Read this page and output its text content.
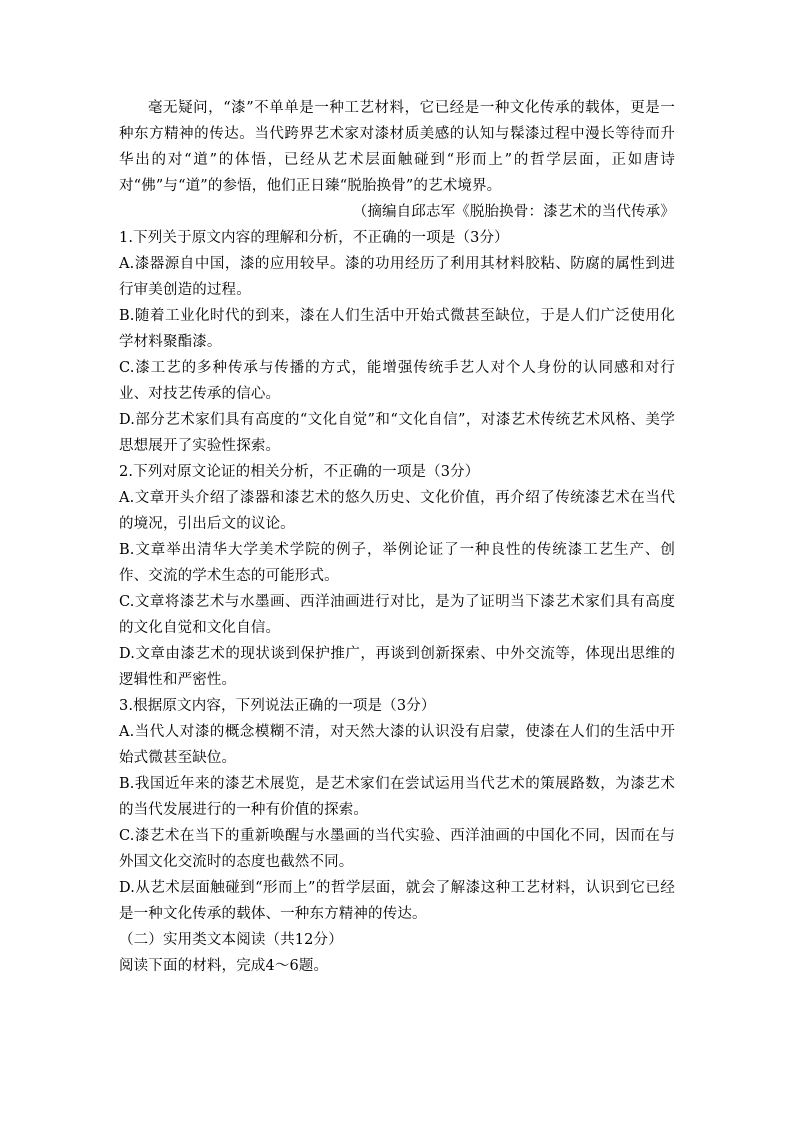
毫无疑问，“漆”不单单是一种工艺材料，它已经是一种文化传承的载体，更是一种东方精神的传达。当代跨界艺术家对漆材质美感的认知与髹漆过程中漫长等待而升华出的对“道”的体悟，已经从艺术层面触碰到“形而上”的哲学层面，正如唐诗对“佛”与“道”的参悟，他们正日臻“脱胎换骨”的艺术境界。

（摘编自邱志军《脱胎换骨：漆艺术的当代传承》

1.下列关于原文内容的理解和分析，不正确的一项是（3分）

A.漆器源自中国，漆的应用较早。漆的功用经历了利用其材料胶粘、防腐的属性到进行审美创造的过程。

B.随着工业化时代的到来，漆在人们生活中开始式微甚至缺位，于是人们广泛使用化学材料聚酯漆。

C.漆工艺的多种传承与传播的方式，能增强传统手艺人对个人身份的认同感和对行业、对技艺传承的信心。

D.部分艺术家们具有高度的“文化自觉”和“文化自信”，对漆艺术传统艺术风格、美学思想展开了实验性探索。

2.下列对原文论证的相关分析，不正确的一项是（3分）

A.文章开头介绍了漆器和漆艺术的悠久历史、文化价值，再介绍了传统漆艺术在当代的境况，引出后文的议论。

B.文章举出清华大学美术学院的例子，举例论证了一种良性的传统漆工艺生产、创作、交流的学术生态的可能形式。

C.文章将漆艺术与水墨画、西洋油画进行对比，是为了证明当下漆艺术家们具有高度的文化自觉和文化自信。

D.文章由漆艺术的现状谈到保护推广，再谈到创新探索、中外交流等，体现出思维的逻辑性和严密性。

3.根据原文内容，下列说法正确的一项是（3分）

A.当代人对漆的概念模糊不清，对天然大漆的认识没有启蒙，使漆在人们的生活中开始式微甚至缺位。

B.我国近年来的漆艺术展览，是艺术家们在尝试运用当代艺术的策展路数，为漆艺术的当代发展进行的一种有价值的探索。

C.漆艺术在当下的重新唤醒与水墨画的当代实验、西洋油画的中国化不同，因而在与外国文化交流时的态度也截然不同。

D.从艺术层面触碰到“形而上”的哲学层面，就会了解漆这种工艺材料，认识到它已经是一种文化传承的载体、一种东方精神的传达。

（二）实用类文本阅读（共12分）

阅读下面的材料，完成4～6题。
